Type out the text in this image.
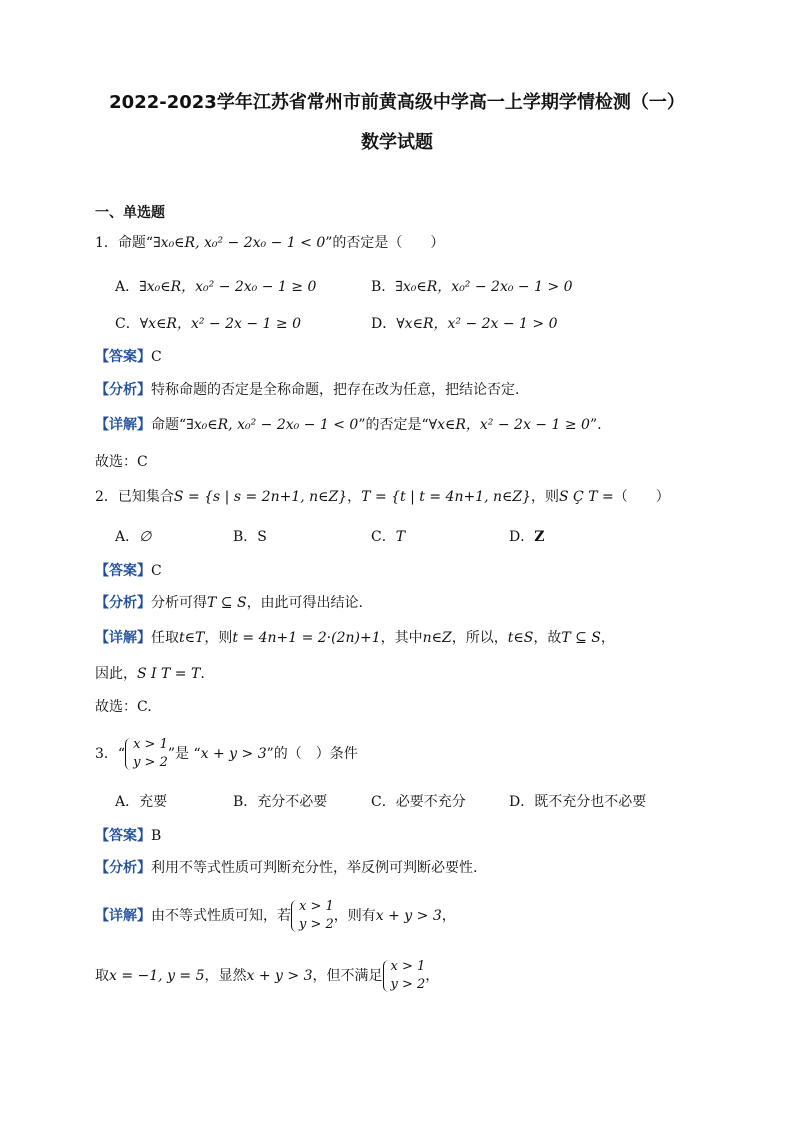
2022-2023学年江苏省常州市前黄高级中学高一上学期学情检测（一）
数学试题
一、单选题
1．命题“∃x₀∈R, x₀² − 2x₀ − 1 < 0”的否定是（　　）
A．∃x₀∈R，x₀² − 2x₀ − 1 ≥ 0	B．∃x₀∈R，x₀² − 2x₀ − 1 > 0
C．∀x∈R，x² − 2x − 1 ≥ 0	D．∀x∈R，x² − 2x − 1 > 0
【答案】C
【分析】特称命题的否定是全称命题，把存在改为任意，把结论否定.
【详解】命题“∃x₀∈R, x₀² − 2x₀ − 1 < 0”的否定是“∀x∈R，x² − 2x − 1 ≥ 0”.
故选：C
2．已知集合S = {s | s = 2n+1, n∈Z}，T = {t | t = 4n+1, n∈Z}，则S Ç T =（　　）
A．∅	B．S	C．T	D．Z
【答案】C
【分析】分析可得T ⊆ S，由此可得出结论.
【详解】任取t∈T，则t = 4n+1 = 2·(2n)+1，其中n∈Z，所以，t∈S，故T ⊆ S，
因此，S I T = T.
故选：C.
3．“
x > 1
y > 2
”是 “x + y > 3”的（　）条件
A．充要	B．充分不必要	C．必要不充分	D．既不充分也不必要
【答案】B
【分析】利用不等式性质可判断充分性，举反例可判断必要性.
【详解】由不等式性质可知，若
x > 1
y > 2
，则有x + y > 3，
取x = −1, y = 5，显然x + y > 3，但不满足
x > 1
y > 2
，
